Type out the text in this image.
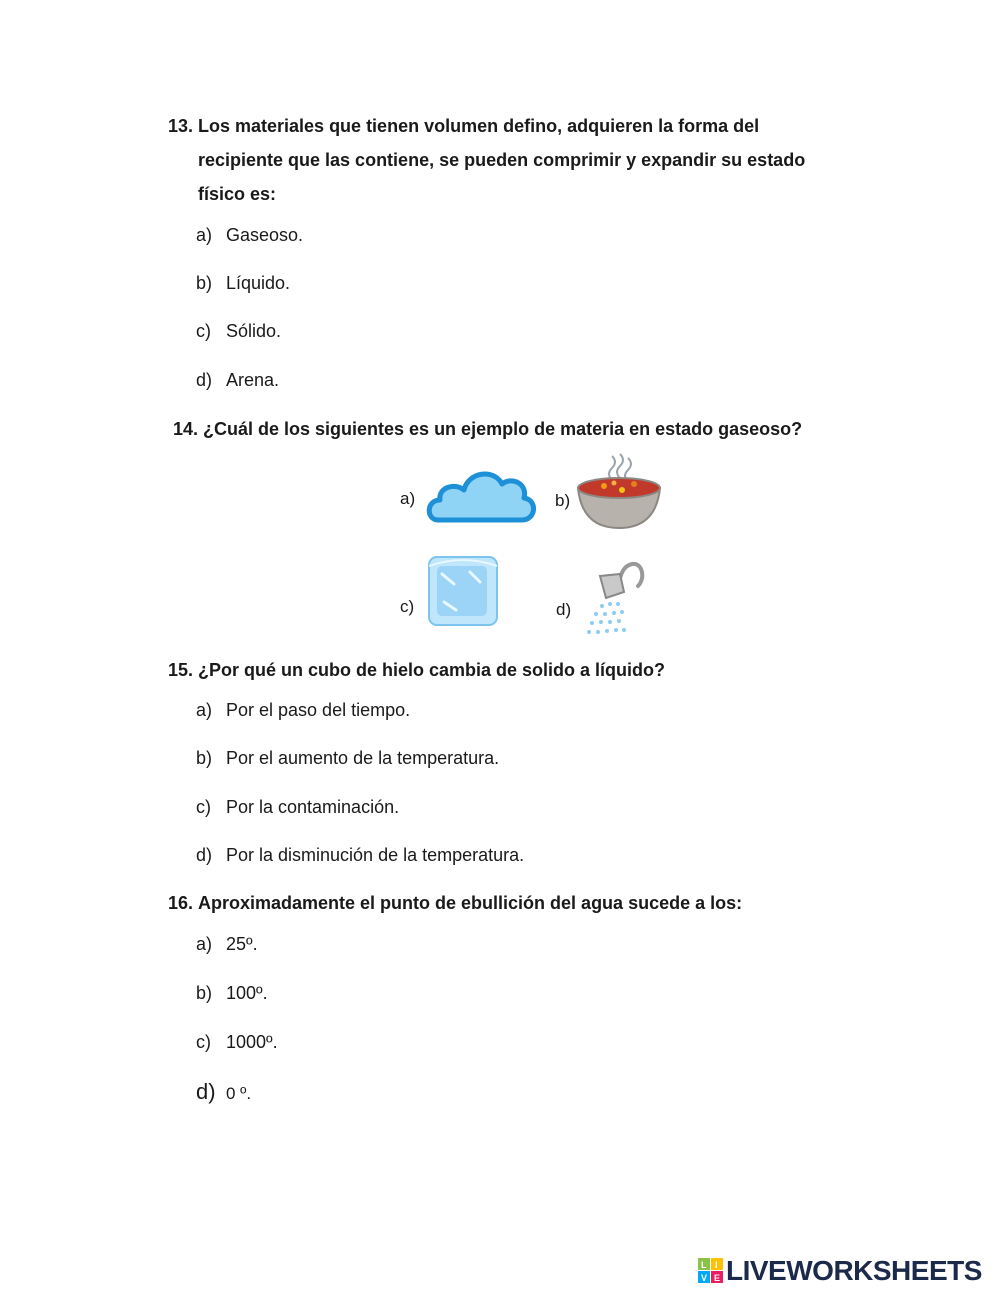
13. Los materiales que tienen volumen defino, adquieren la forma del
recipiente que las contiene, se pueden comprimir y expandir su estado
físico es:
a) Gaseoso.
b) Líquido.
c) Sólido.
d) Arena.
14. ¿Cuál de los siguientes es un ejemplo de materia en estado gaseoso?
a)	b)
c)	d)
15. ¿Por qué un cubo de hielo cambia de solido a líquido?
a) Por el paso del tiempo.
b) Por el aumento de la temperatura.
c) Por la contaminación.
d) Por la disminución de la temperatura.
16. Aproximadamente el punto de ebullición del agua sucede a los:
a) 25º.
b) 100º.
c) 1000º.
d) 0 º.
L I
V E LIVEWORKSHEETS
